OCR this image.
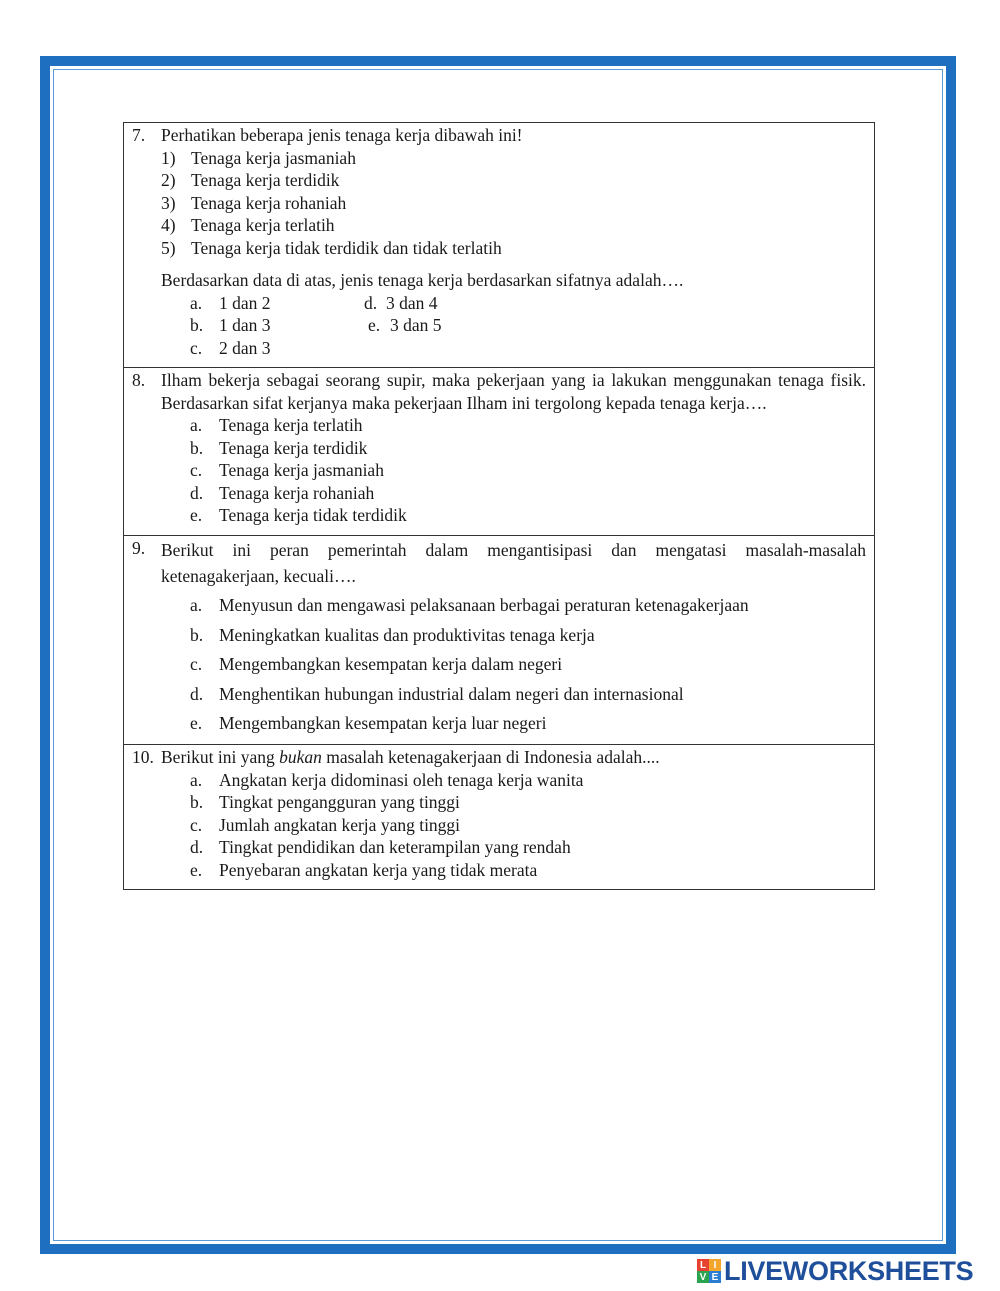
7. Perhatikan beberapa jenis tenaga kerja dibawah ini!
1) Tenaga kerja jasmaniah
2) Tenaga kerja terdidik
3) Tenaga kerja rohaniah
4) Tenaga kerja terlatih
5) Tenaga kerja tidak terdidik dan tidak terlatih
Berdasarkan data di atas, jenis tenaga kerja berdasarkan sifatnya adalah….
a. 1 dan 2	d. 3 dan 4
b. 1 dan 3	e. 3 dan 5
c. 2 dan 3

8. Ilham bekerja sebagai seorang supir, maka pekerjaan yang ia lakukan menggunakan tenaga fisik. Berdasarkan sifat kerjanya maka pekerjaan Ilham ini tergolong kepada tenaga kerja….
a. Tenaga kerja terlatih
b. Tenaga kerja terdidik
c. Tenaga kerja jasmaniah
d. Tenaga kerja rohaniah
e. Tenaga kerja tidak terdidik

9. Berikut ini peran pemerintah dalam mengantisipasi dan mengatasi masalah-masalah ketenagakerjaan, kecuali….
a. Menyusun dan mengawasi pelaksanaan berbagai peraturan ketenagakerjaan
b. Meningkatkan kualitas dan produktivitas tenaga kerja
c. Mengembangkan kesempatan kerja dalam negeri
d. Menghentikan hubungan industrial dalam negeri dan internasional
e. Mengembangkan kesempatan kerja luar negeri

10. Berikut ini yang bukan masalah ketenagakerjaan di Indonesia adalah....
a. Angkatan kerja didominasi oleh tenaga kerja wanita
b. Tingkat pengangguran yang tinggi
c. Jumlah angkatan kerja yang tinggi
d. Tingkat pendidikan dan keterampilan yang rendah
e. Penyebaran angkatan kerja yang tidak merata
L I
V E LIVEWORKSHEETS
